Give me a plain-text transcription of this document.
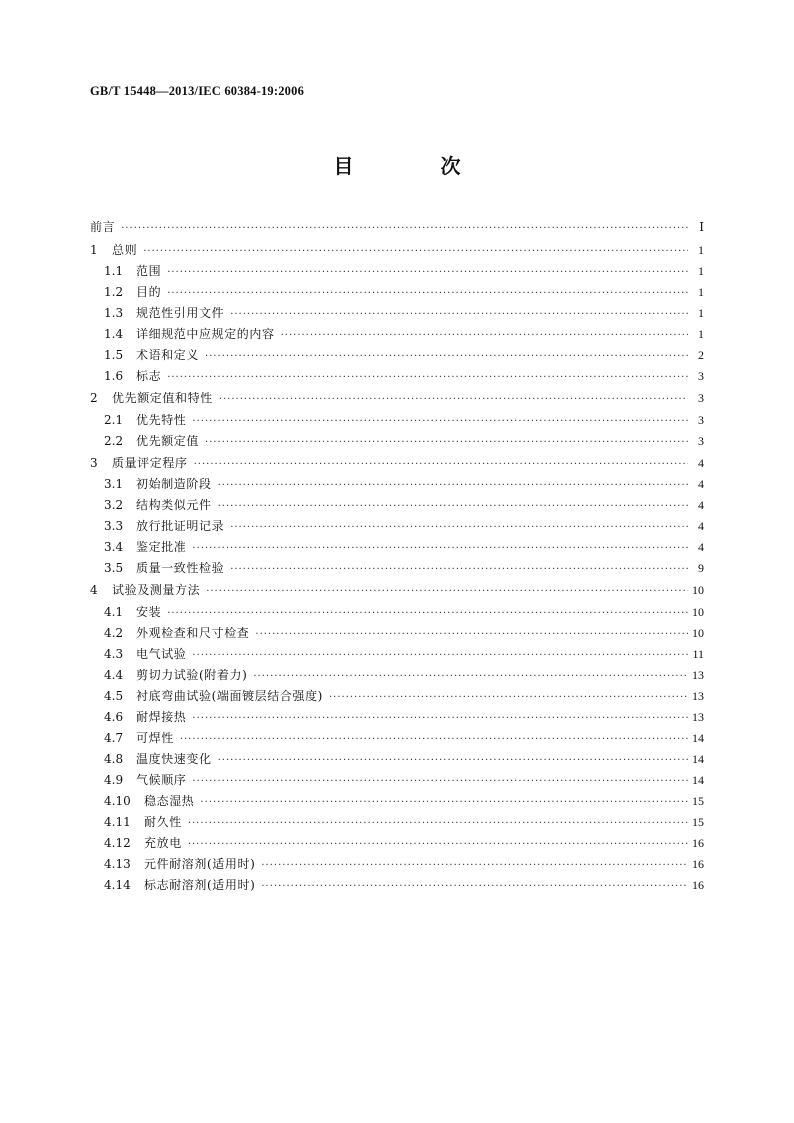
GB/T 15448—2013/IEC 60384-19:2006
目 次
前言 ·····	Ⅰ
1	总则 ·····	1
1.1 范围 ·····	1
1.2 目的 ·····	1
1.3 规范性引用文件 ·····	1
1.4 详细规范中应规定的内容 ·····	1
1.5 术语和定义 ·····	2
1.6 标志 ·····	3
2	优先额定值和特性 ·····	3
2.1 优先特性 ·····	3
2.2 优先额定值 ·····	3
3	质量评定程序 ·····	4
3.1 初始制造阶段 ·····	4
3.2 结构类似元件 ·····	4
3.3 放行批证明记录 ·····	4
3.4 鉴定批准 ·····	4
3.5 质量一致性检验 ·····	9
4	试验及测量方法 ·····	10
4.1 安装 ·····	10
4.2 外观检查和尺寸检查 ·····	10
4.3 电气试验 ·····	11
4.4 剪切力试验(附着力) ·····	13
4.5 衬底弯曲试验(端面镀层结合强度) ·····	13
4.6 耐焊接热 ·····	13
4.7 可焊性 ·····	14
4.8 温度快速变化 ·····	14
4.9 气候顺序 ·····	14
4.10 稳态湿热 ·····	15
4.11 耐久性 ·····	15
4.12 充放电 ·····	16
4.13 元件耐溶剂(适用时) ·····	16
4.14 标志耐溶剂(适用时) ·····	16
